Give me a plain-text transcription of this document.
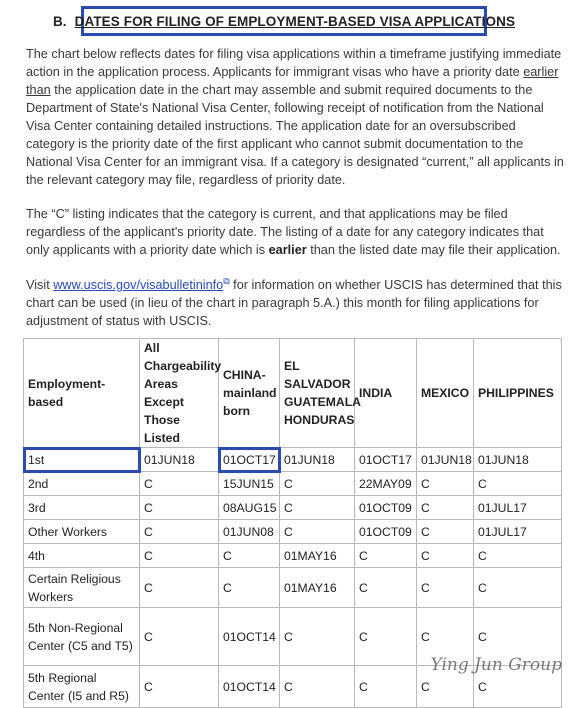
B. DATES FOR FILING OF EMPLOYMENT-BASED VISA APPLICATIONS

The chart below reflects dates for filing visa applications within a timeframe justifying immediate action in the application process. Applicants for immigrant visas who have a priority date earlier than the application date in the chart may assemble and submit required documents to the Department of State's National Visa Center, following receipt of notification from the National Visa Center containing detailed instructions. The application date for an oversubscribed category is the priority date of the first applicant who cannot submit documentation to the National Visa Center for an immigrant visa. If a category is designated “current,” all applicants in the relevant category may file, regardless of priority date.

The “C” listing indicates that the category is current, and that applications may be filed regardless of the applicant's priority date. The listing of a date for any category indicates that only applicants with a priority date which is earlier than the listed date may file their application.

Visit www.uscis.gov/visabulletininfo⧉ for information on whether USCIS has determined that this chart can be used (in lieu of the chart in paragraph 5.A.) this month for filing applications for adjustment of status with USCIS.

Employment-based	All Chargeability Areas Except Those Listed	CHINA-mainland born	EL SALVADOR GUATEMALA HONDURAS	INDIA	MEXICO	PHILIPPINES
1st	01JUN18	01OCT17	01JUN18	01OCT17	01JUN18	01JUN18
2nd	C	15JUN15	C	22MAY09	C	C
3rd	C	08AUG15	C	01OCT09	C	01JUL17
Other Workers	C	01JUN08	C	01OCT09	C	01JUL17
4th	C	C	01MAY16	C	C	C
Certain Religious Workers	C	C	01MAY16	C	C	C
5th Non-Regional Center (C5 and T5)	C	01OCT14	C	C	C	C
5th Regional Center (I5 and R5)	C	01OCT14	C	C	C	C
Ying Jun Group
